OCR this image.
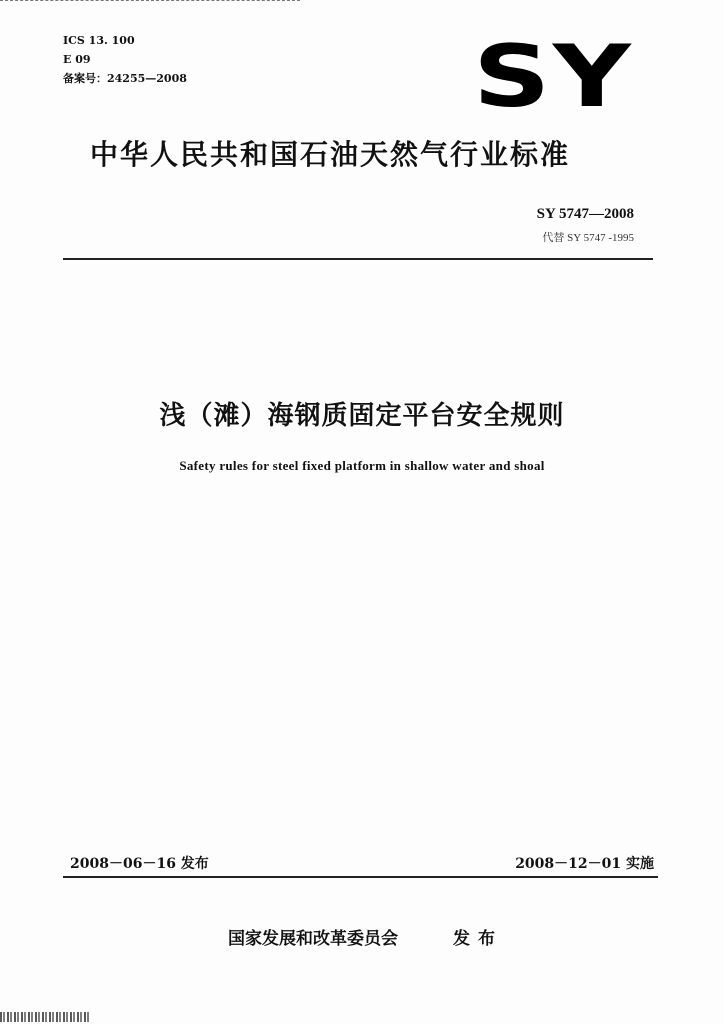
ICS 13. 100
E 09
备案号：24255—2008	SY
中华人民共和国石油天然气行业标准
SY 5747—2008
代替 SY 5747 -1995
浅（滩）海钢质固定平台安全规则
Safety rules for steel fixed platform in shallow water and shoal
2008－06－16 发布	2008－12－01 实施
国家发展和改革委员会	发布
